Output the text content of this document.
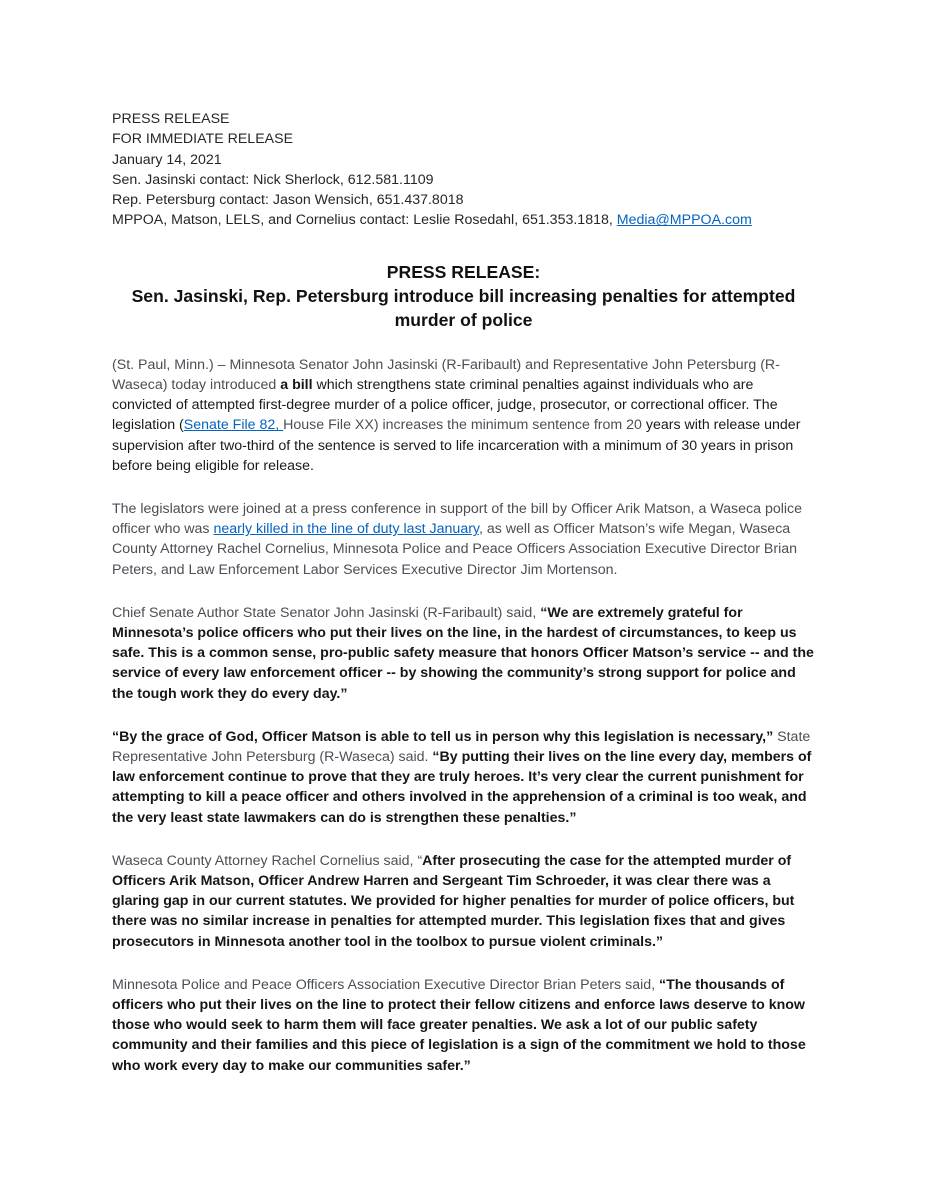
PRESS RELEASE
FOR IMMEDIATE RELEASE
January 14, 2021
Sen. Jasinski contact: Nick Sherlock, 612.581.1109
Rep. Petersburg contact: Jason Wensich, 651.437.8018
MPPOA, Matson, LELS, and Cornelius contact: Leslie Rosedahl, 651.353.1818, Media@MPPOA.com
PRESS RELEASE:
Sen. Jasinski, Rep. Petersburg introduce bill increasing penalties for attempted murder of police
(St. Paul, Minn.) – Minnesota Senator John Jasinski (R-Faribault) and Representative John Petersburg (R-Waseca) today introduced a bill which strengthens state criminal penalties against individuals who are convicted of attempted first-degree murder of a police officer, judge, prosecutor, or correctional officer. The legislation (Senate File 82, House File XX) increases the minimum sentence from 20 years with release under supervision after two-third of the sentence is served to life incarceration with a minimum of 30 years in prison before being eligible for release.
The legislators were joined at a press conference in support of the bill by Officer Arik Matson, a Waseca police officer who was nearly killed in the line of duty last January, as well as Officer Matson’s wife Megan, Waseca County Attorney Rachel Cornelius, Minnesota Police and Peace Officers Association Executive Director Brian Peters, and Law Enforcement Labor Services Executive Director Jim Mortenson.
Chief Senate Author State Senator John Jasinski (R-Faribault) said, “We are extremely grateful for Minnesota’s police officers who put their lives on the line, in the hardest of circumstances, to keep us safe. This is a common sense, pro-public safety measure that honors Officer Matson’s service -- and the service of every law enforcement officer -- by showing the community’s strong support for police and the tough work they do every day.”
“By the grace of God, Officer Matson is able to tell us in person why this legislation is necessary,” State Representative John Petersburg (R-Waseca) said. “By putting their lives on the line every day, members of law enforcement continue to prove that they are truly heroes. It’s very clear the current punishment for attempting to kill a peace officer and others involved in the apprehension of a criminal is too weak, and the very least state lawmakers can do is strengthen these penalties.”
Waseca County Attorney Rachel Cornelius said, “After prosecuting the case for the attempted murder of Officers Arik Matson, Officer Andrew Harren and Sergeant Tim Schroeder, it was clear there was a glaring gap in our current statutes. We provided for higher penalties for murder of police officers, but there was no similar increase in penalties for attempted murder. This legislation fixes that and gives prosecutors in Minnesota another tool in the toolbox to pursue violent criminals.”
Minnesota Police and Peace Officers Association Executive Director Brian Peters said, “The thousands of officers who put their lives on the line to protect their fellow citizens and enforce laws deserve to know those who would seek to harm them will face greater penalties. We ask a lot of our public safety community and their families and this piece of legislation is a sign of the commitment we hold to those who work every day to make our communities safer.”
